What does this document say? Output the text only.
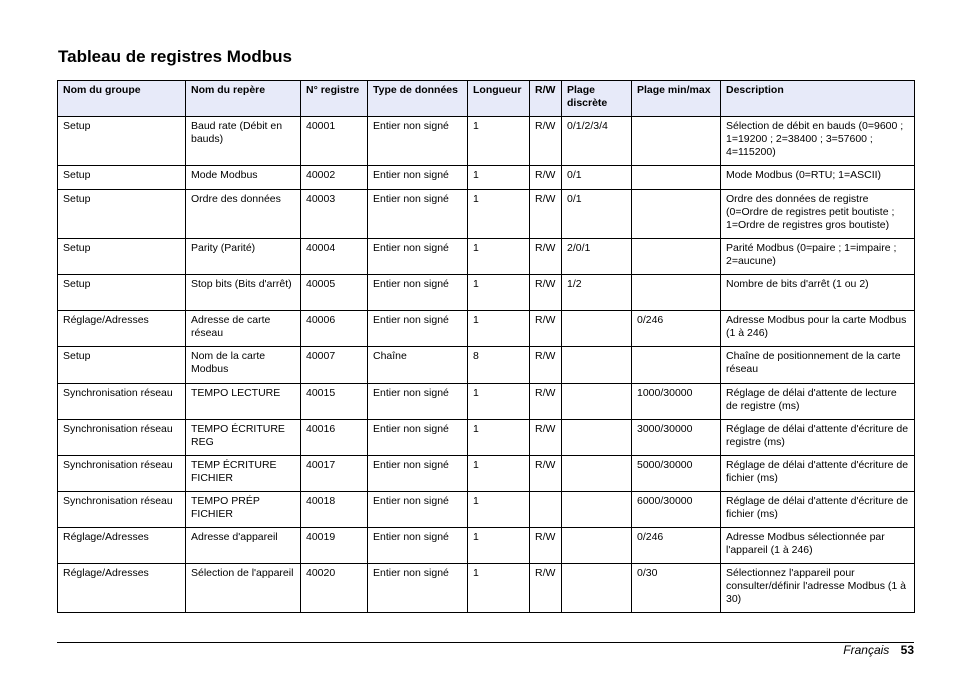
Tableau de registres Modbus
Nom du groupe	Nom du repère	N° registre	Type de données	Longueur	R/W	Plage discrète	Plage min/max	Description
Setup	Baud rate (Débit en bauds)	40001	Entier non signé	1	R/W	0/1/2/3/4		Sélection de débit en bauds (0=9600 ; 1=19200 ; 2=38400 ; 3=57600 ; 4=115200)
Setup	Mode Modbus	40002	Entier non signé	1	R/W	0/1		Mode Modbus (0=RTU; 1=ASCII)
Setup	Ordre des données	40003	Entier non signé	1	R/W	0/1		Ordre des données de registre (0=Ordre de registres petit boutiste ; 1=Ordre de registres gros boutiste)
Setup	Parity (Parité)	40004	Entier non signé	1	R/W	2/0/1		Parité Modbus (0=paire ; 1=impaire ; 2=aucune)
Setup	Stop bits (Bits d'arrêt)	40005	Entier non signé	1	R/W	1/2		Nombre de bits d'arrêt (1 ou 2)
Réglage/Adresses	Adresse de carte réseau	40006	Entier non signé	1	R/W		0/246	Adresse Modbus pour la carte Modbus (1 à 246)
Setup	Nom de la carte Modbus	40007	Chaîne	8	R/W			Chaîne de positionnement de la carte réseau
Synchronisation réseau	TEMPO LECTURE	40015	Entier non signé	1	R/W		1000/30000	Réglage de délai d'attente de lecture de registre (ms)
Synchronisation réseau	TEMPO ÉCRITURE REG	40016	Entier non signé	1	R/W		3000/30000	Réglage de délai d'attente d'écriture de registre (ms)
Synchronisation réseau	TEMP ÉCRITURE FICHIER	40017	Entier non signé	1	R/W		5000/30000	Réglage de délai d'attente d'écriture de fichier (ms)
Synchronisation réseau	TEMPO PRÉP FICHIER	40018	Entier non signé	1			6000/30000	Réglage de délai d'attente d'écriture de fichier (ms)
Réglage/Adresses	Adresse d'appareil	40019	Entier non signé	1	R/W		0/246	Adresse Modbus sélectionnée par l'appareil (1 à 246)
Réglage/Adresses	Sélection de l'appareil	40020	Entier non signé	1	R/W		0/30	Sélectionnez l'appareil pour consulter/définir l'adresse Modbus (1 à 30)
Français 53
